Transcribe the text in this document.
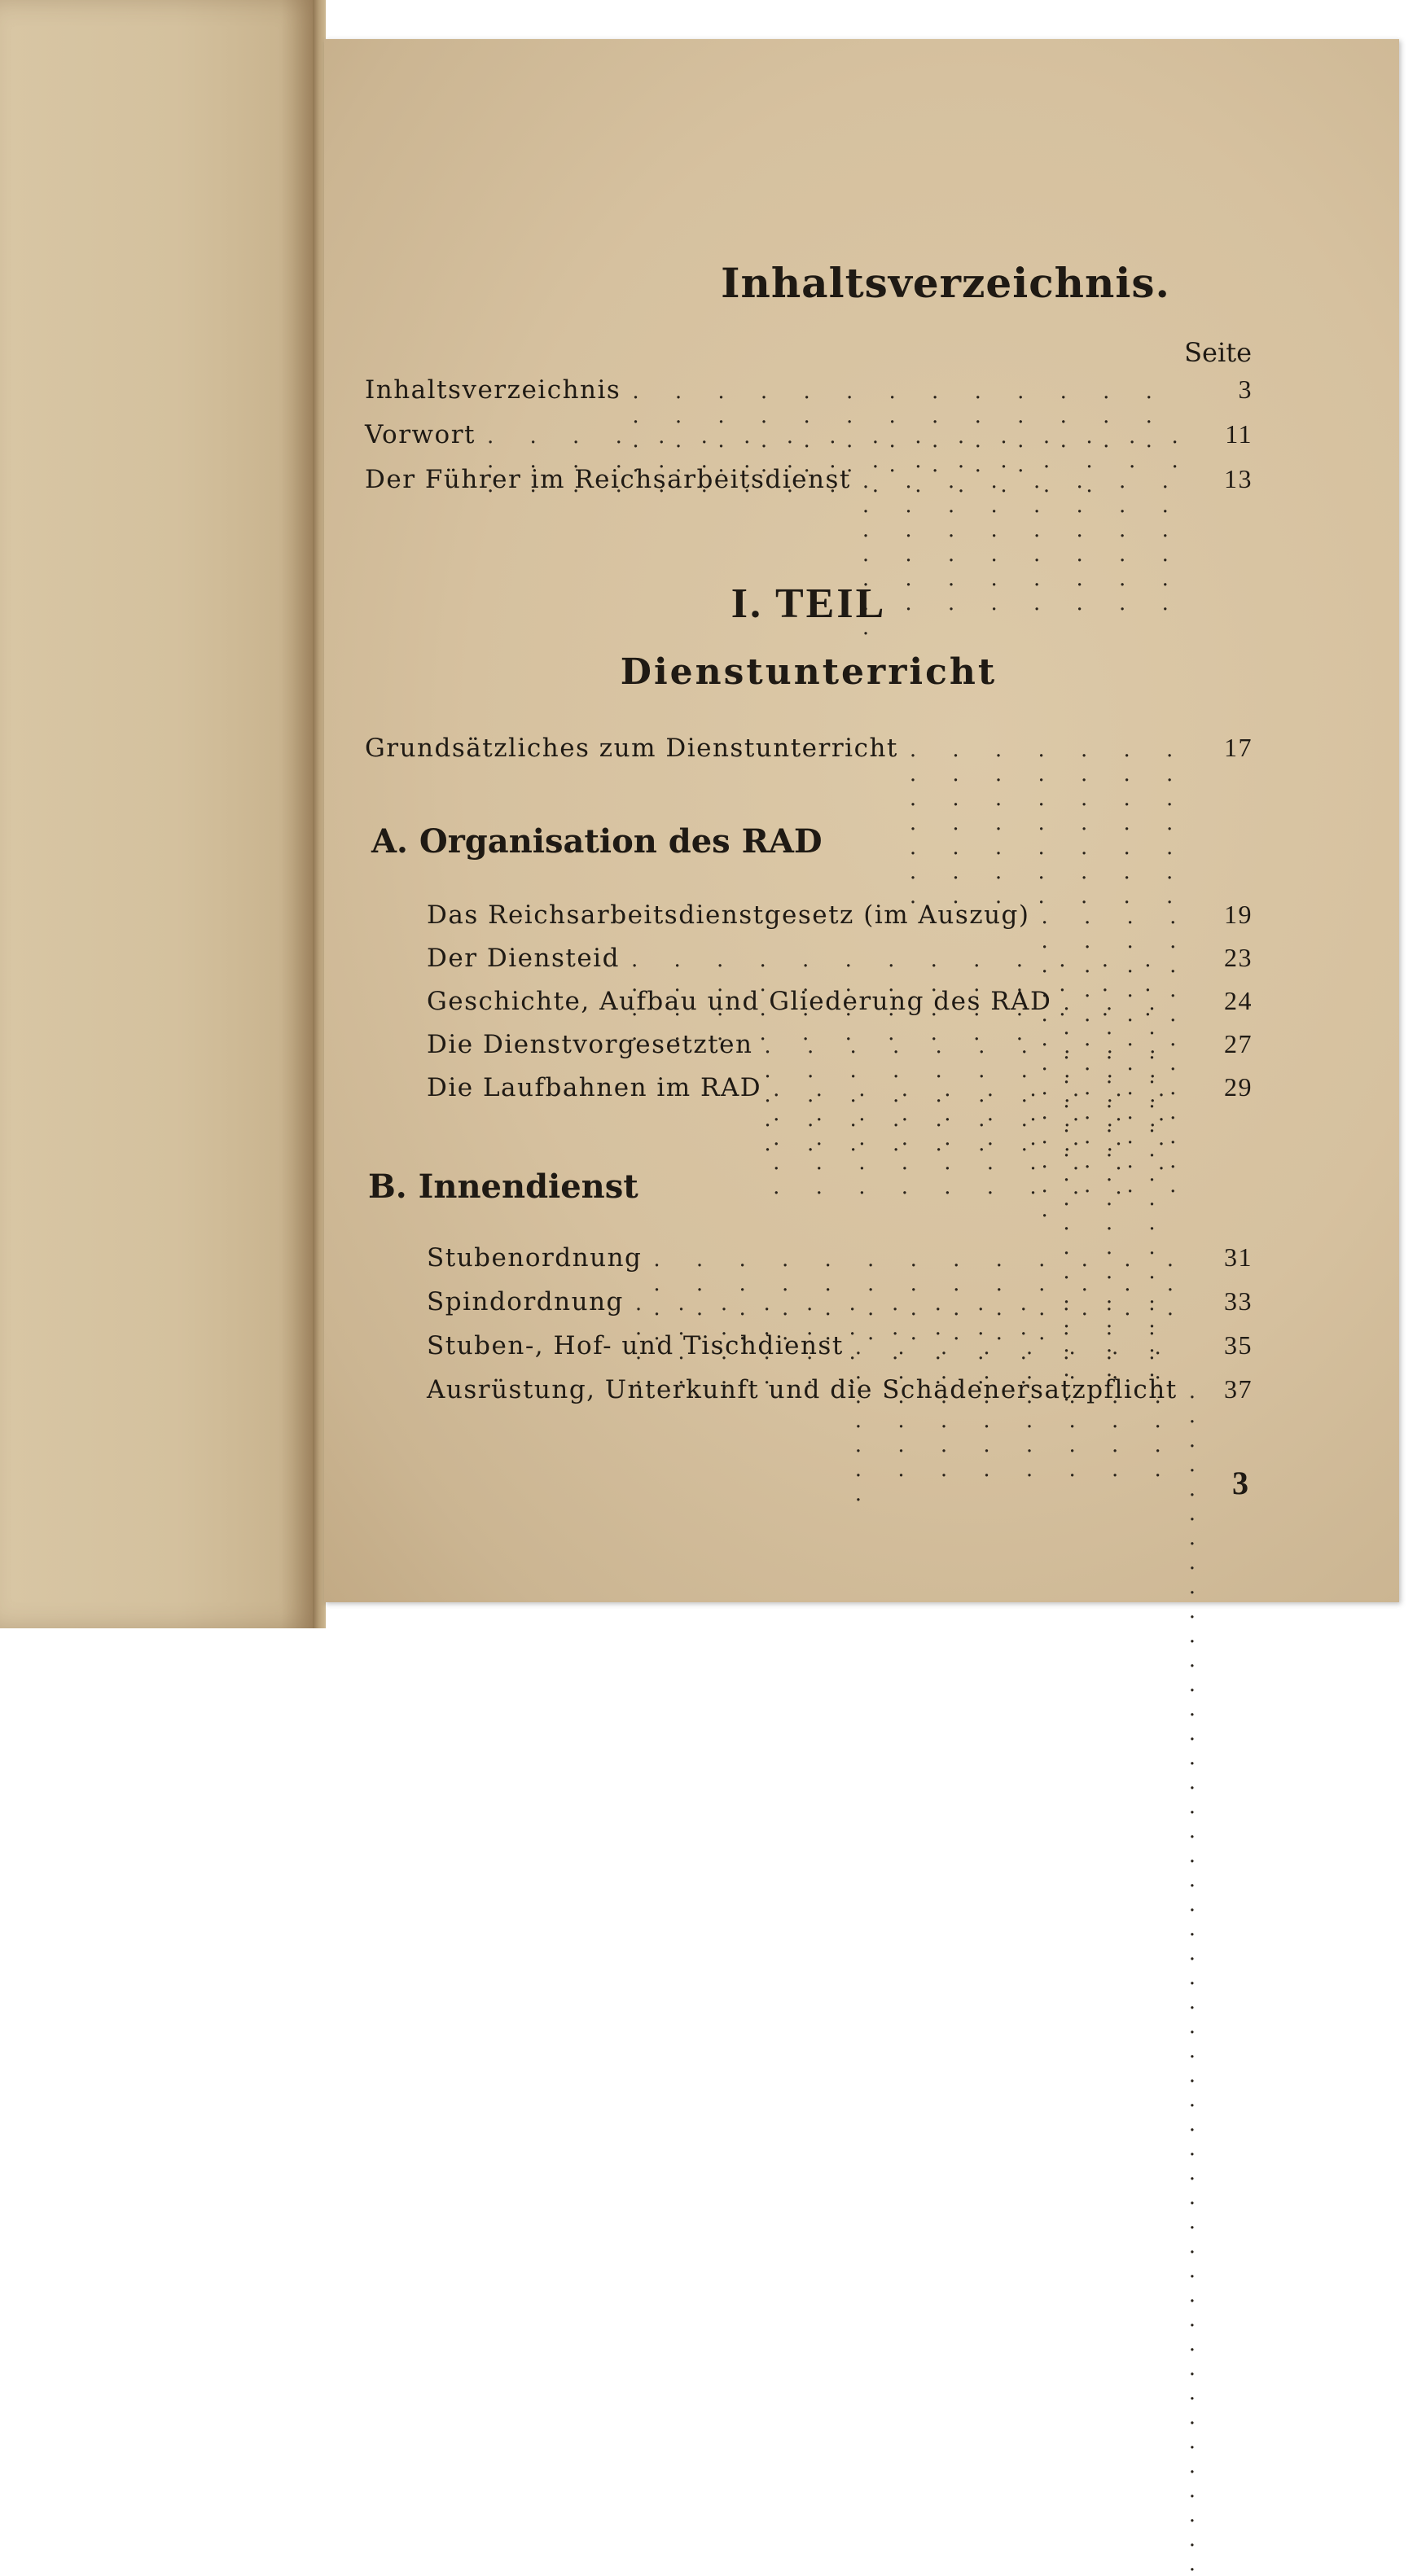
Inhaltsverzeichnis.
Seite
Inhaltsverzeichnis . . .	3
Vorwort . . .	11
Der Führer im Reichsarbeitsdienst . . .	13
I. TEIL
Dienstunterricht
Grundsätzliches zum Dienstunterricht . . .	17
A. Organisation des RAD
Das Reichsarbeitsdienstgesetz (im Auszug) . . .	19
Der Diensteid . . .	23
Geschichte, Aufbau und Gliederung des RAD . . .	24
Die Dienstvorgesetzten . . .	27
Die Laufbahnen im RAD . . .	29
B. Innendienst
Stubenordnung . . .	31
Spindordnung . . .	33
Stuben-, Hof- und Tischdienst . . .	35
Ausrüstung, Unterkunft und die Schadenersatzpflicht . . .	37
3
